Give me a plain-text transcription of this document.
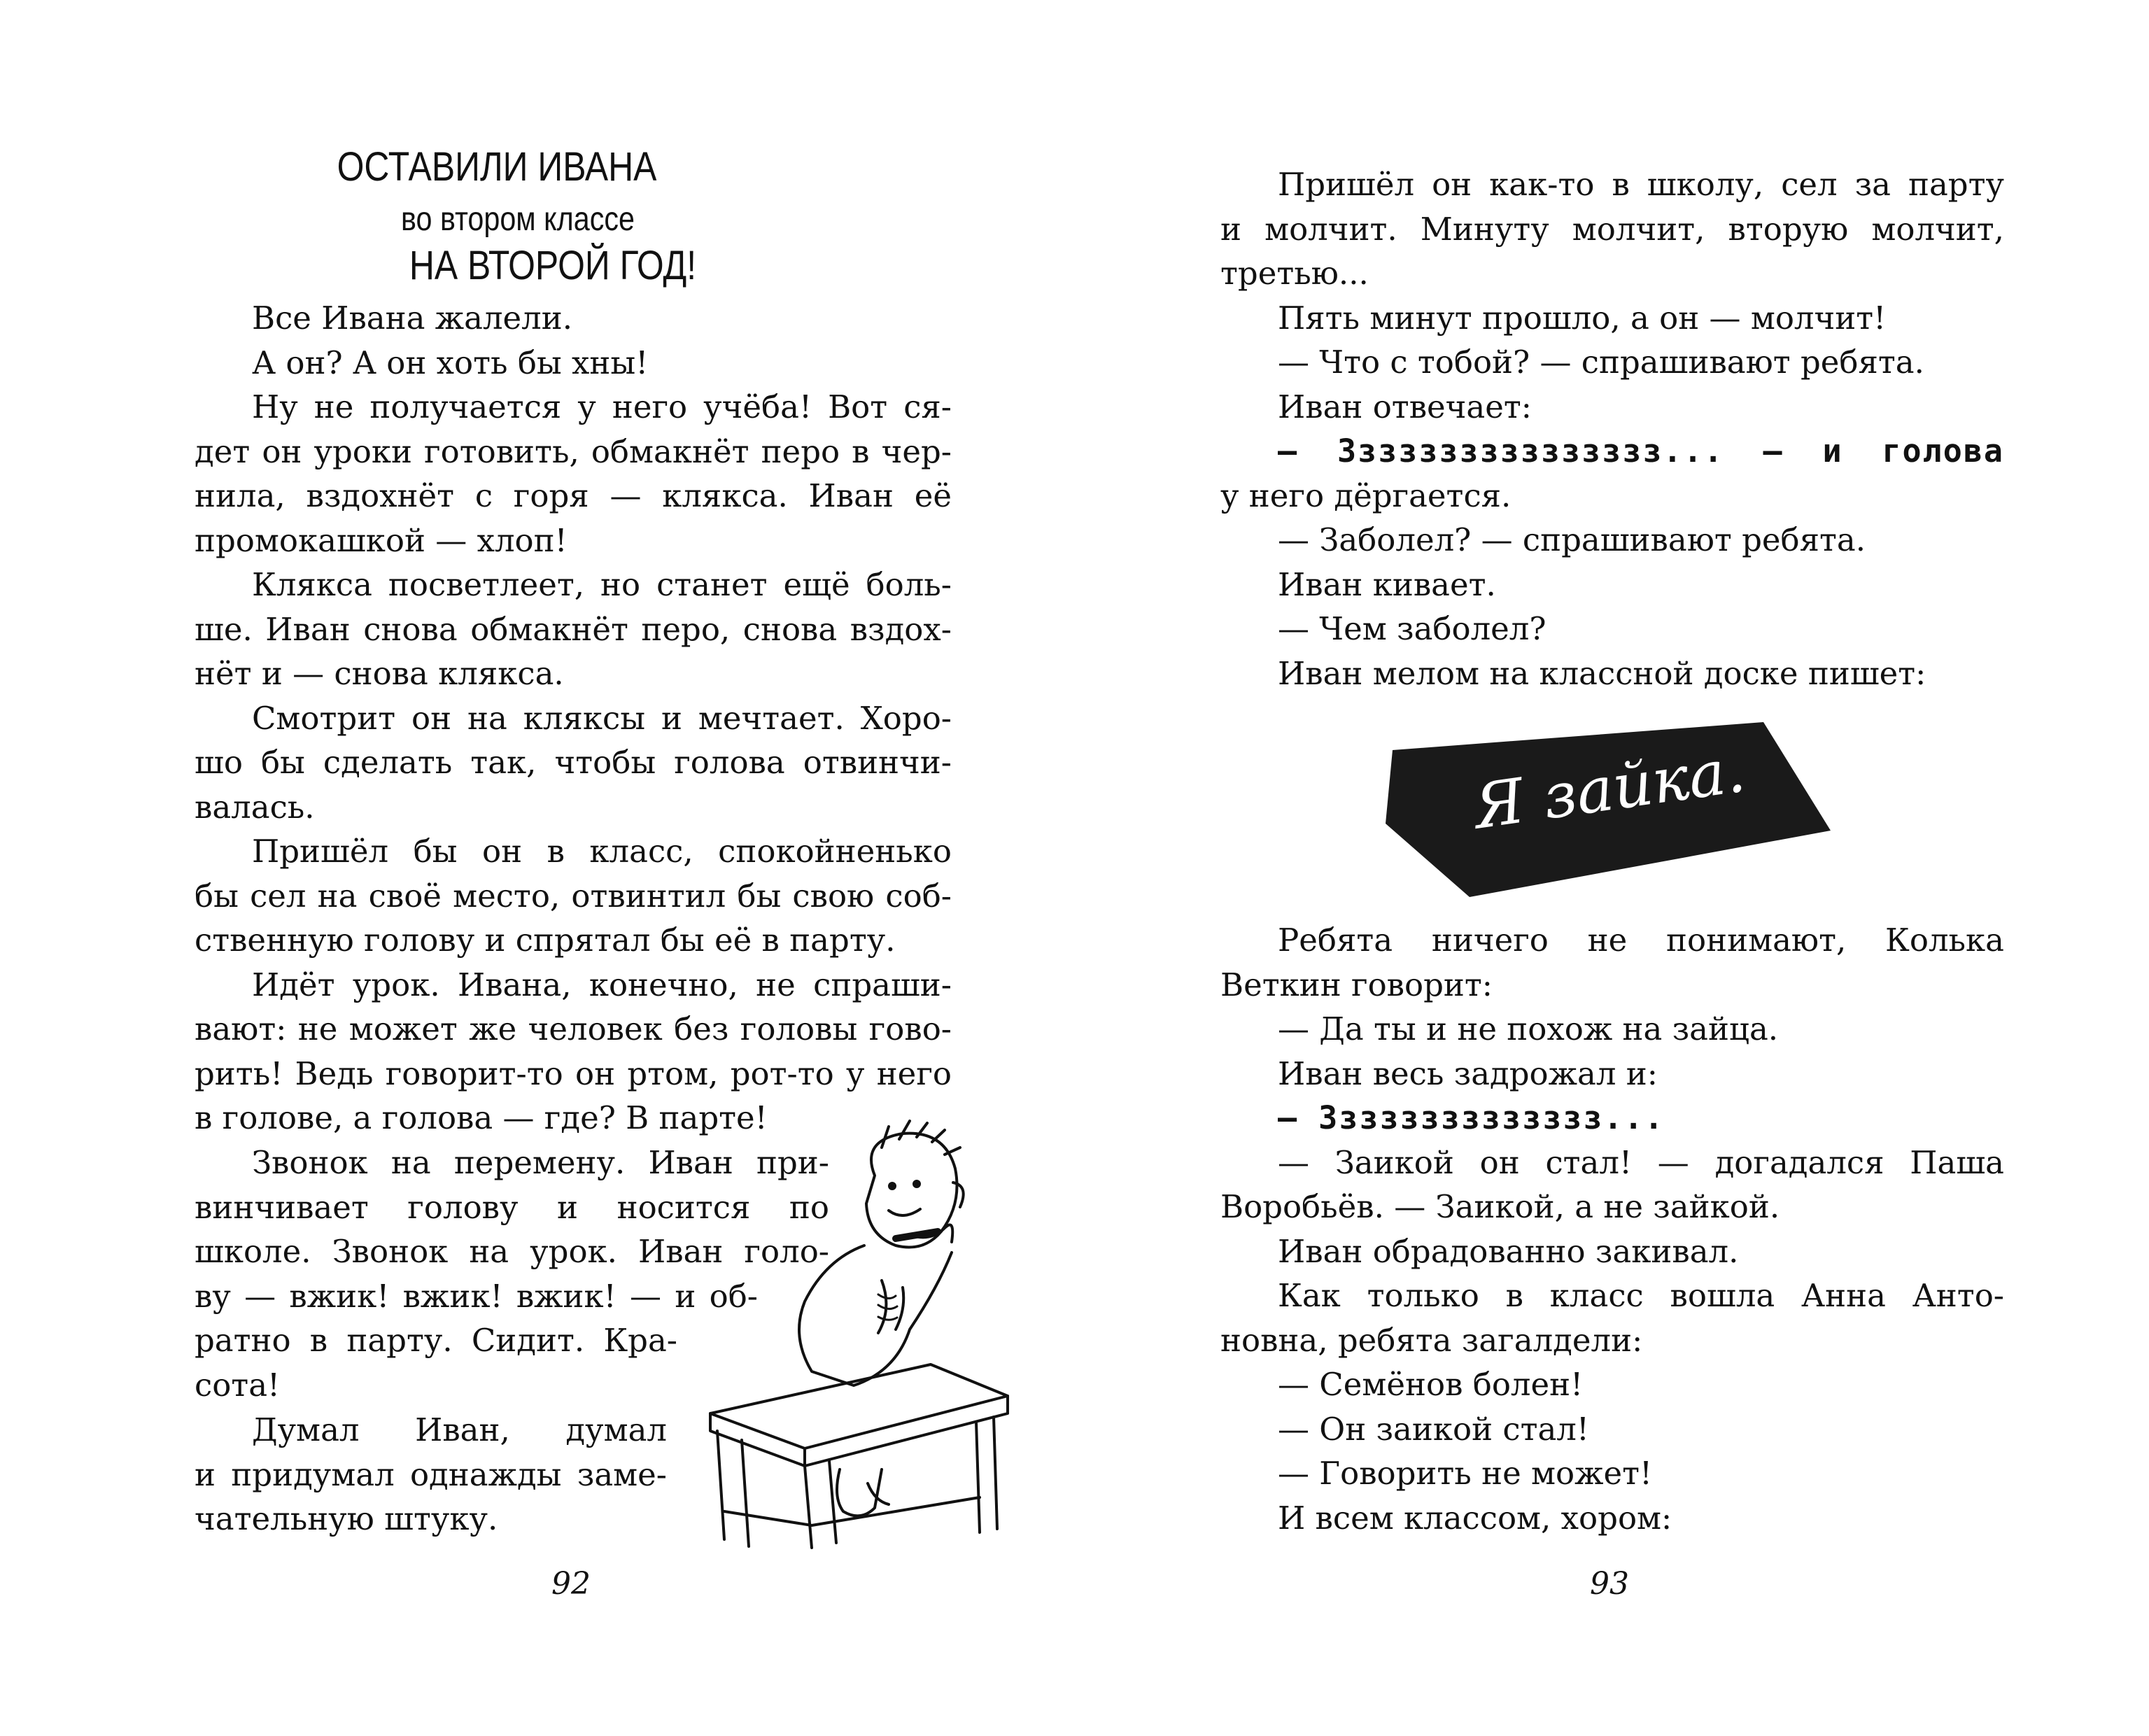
ОСТАВИЛИ ИВАНА
во втором классе
НА ВТОРОЙ ГОД!
Все Ивана жалели.
А он? А он хоть бы хны!
Ну не получается у него учёба! Вот ся-
дет он уроки готовить, обмакнёт перо в чер-
нила, вздохнёт с горя — клякса. Иван её
промокашкой — хлоп!
Клякса посветлеет, но станет ещё боль-
ше. Иван снова обмакнёт перо, снова вздох-
нёт и — снова клякса.
Смотрит он на кляксы и мечтает. Хоро-
шо бы сделать так, чтобы голова отвинчи-
валась.
Пришёл бы он в класс, спокойненько
бы сел на своё место, отвинтил бы свою соб-
ственную голову и спрятал бы её в парту.
Идёт урок. Ивана, конечно, не спраши-
вают: не может же человек без головы гово-
рить! Ведь говорит-то он ртом, рот-то у него
в голове, а голова — где? В парте!
Звонок на перемену. Иван при-
винчивает голову и носится по
школе. Звонок на урок. Иван голо-
ву — вжик! вжик! вжик! — и об-
ратно в парту. Сидит. Кра-
сота!
Думал Иван, думал
и придумал однажды заме-
чательную штуку.
92
Пришёл он как-то в школу, сел за парту
и молчит. Минуту молчит, вторую молчит,
третью...
Пять минут прошло, а он — молчит!
— Что с тобой? — спрашивают ребята.
Иван отвечает:
— Зззззззззззззззз... — и голова
у него дёргается.
— Заболел? — спрашивают ребята.
Иван кивает.
— Чем заболел?
Иван мелом на классной доске пишет:
Я зайка.
Ребята ничего не понимают, Колька
Веткин говорит:
— Да ты и не похож на зайца.
Иван весь задрожал и:
— Зззззззззззззз...
— Заикой он стал! — догадался Паша
Воробьёв. — Заикой, а не зайкой.
Иван обрадованно закивал.
Как только в класс вошла Анна Анто-
новна, ребята загалдели:
— Семёнов болен!
— Он заикой стал!
— Говорить не может!
И всем классом, хором:
93
